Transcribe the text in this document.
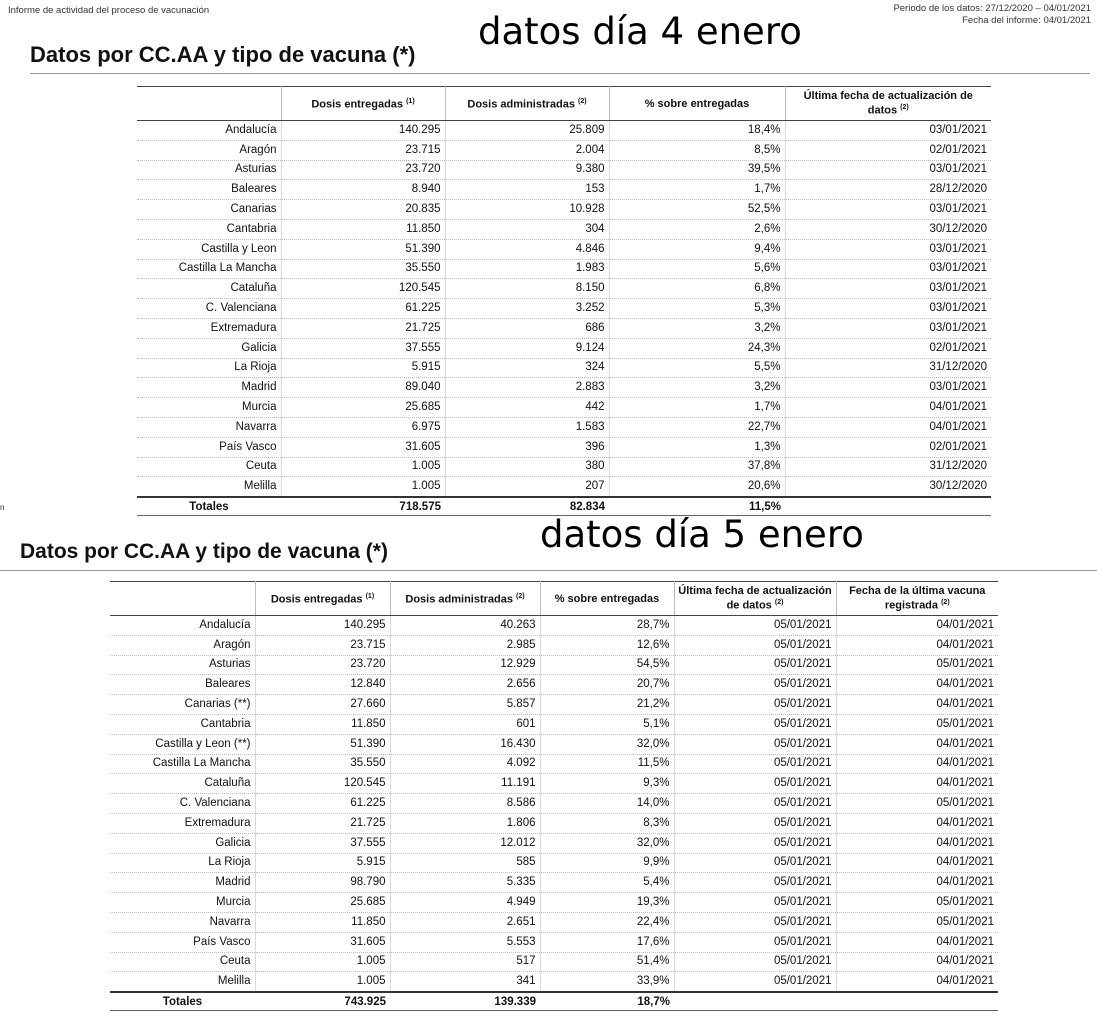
Informe de actividad del proceso de vacunación	Periodo de los datos: 27/12/2020 – 04/01/2021
Fecha del informe: 04/01/2021
Datos por CC.AA y tipo de vacuna (*)
datos día 4 enero
	Dosis entregadas $^{(1)}$	Dosis administradas $^{(2)}$	% sobre entregadas	Última fecha de actualización de datos $^{(2)}$
Andalucía	140.295	25.809	18,4%	03/01/2021
Aragón	23.715	2.004	8,5%	02/01/2021
Asturias	23.720	9.380	39,5%	03/01/2021
Baleares	8.940	153	1,7%	28/12/2020
Canarias	20.835	10.928	52,5%	03/01/2021
Cantabria	11.850	304	2,6%	30/12/2020
Castilla y Leon	51.390	4.846	9,4%	03/01/2021
Castilla La Mancha	35.550	1.983	5,6%	03/01/2021
Cataluña	120.545	8.150	6,8%	03/01/2021
C. Valenciana	61.225	3.252	5,3%	03/01/2021
Extremadura	21.725	686	3,2%	03/01/2021
Galicia	37.555	9.124	24,3%	02/01/2021
La Rioja	5.915	324	5,5%	31/12/2020
Madrid	89.040	2.883	3,2%	03/01/2021
Murcia	25.685	442	1,7%	04/01/2021
Navarra	6.975	1.583	22,7%	04/01/2021
País Vasco	31.605	396	1,3%	02/01/2021
Ceuta	1.005	380	37,8%	31/12/2020
Melilla	1.005	207	20,6%	30/12/2020
Totales	718.575	82.834	11,5%	
n
Datos por CC.AA y tipo de vacuna (*)	datos día 5 enero
	Dosis entregadas $^{(1)}$	Dosis administradas $^{(2)}$	% sobre entregadas	Última fecha de actualización de datos $^{(2)}$	Fecha de la última vacuna registrada $^{(2)}$
Andalucía	140.295	40.263	28,7%	05/01/2021	04/01/2021
Aragón	23.715	2.985	12,6%	05/01/2021	04/01/2021
Asturias	23.720	12.929	54,5%	05/01/2021	05/01/2021
Baleares	12.840	2.656	20,7%	05/01/2021	04/01/2021
Canarias (**)	27.660	5.857	21,2%	05/01/2021	04/01/2021
Cantabria	11.850	601	5,1%	05/01/2021	05/01/2021
Castilla y Leon (**)	51.390	16.430	32,0%	05/01/2021	04/01/2021
Castilla La Mancha	35.550	4.092	11,5%	05/01/2021	04/01/2021
Cataluña	120.545	11.191	9,3%	05/01/2021	04/01/2021
C. Valenciana	61.225	8.586	14,0%	05/01/2021	05/01/2021
Extremadura	21.725	1.806	8,3%	05/01/2021	04/01/2021
Galicia	37.555	12.012	32,0%	05/01/2021	04/01/2021
La Rioja	5.915	585	9,9%	05/01/2021	04/01/2021
Madrid	98.790	5.335	5,4%	05/01/2021	04/01/2021
Murcia	25.685	4.949	19,3%	05/01/2021	05/01/2021
Navarra	11.850	2.651	22,4%	05/01/2021	05/01/2021
País Vasco	31.605	5.553	17,6%	05/01/2021	04/01/2021
Ceuta	1.005	517	51,4%	05/01/2021	04/01/2021
Melilla	1.005	341	33,9%	05/01/2021	04/01/2021
Totales	743.925	139.339	18,7%		
